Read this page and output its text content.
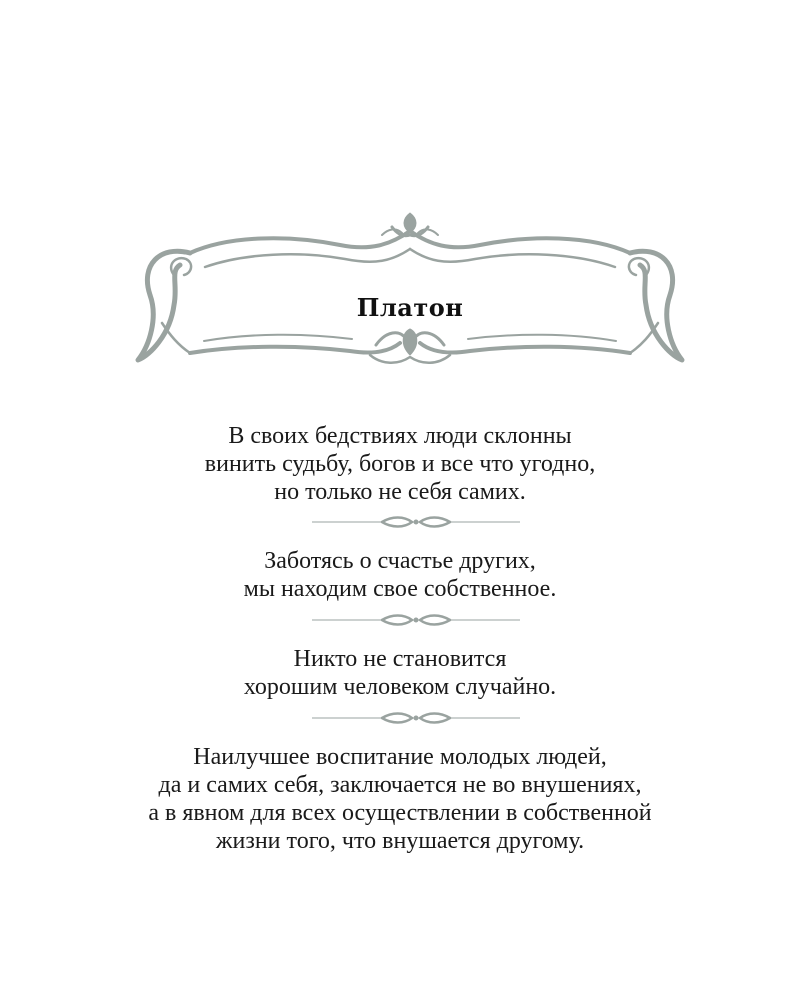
Платон

В своих бедствиях люди склонны
винить судьбу, богов и все что угодно,
но только не себя самих.

Заботясь о счастье других,
мы находим свое собственное.

Никто не становится
хорошим человеком случайно.

Наилучшее воспитание молодых людей,
да и самих себя, заключается не во внушениях,
а в явном для всех осуществлении в собственной
жизни того, что внушается другому.
